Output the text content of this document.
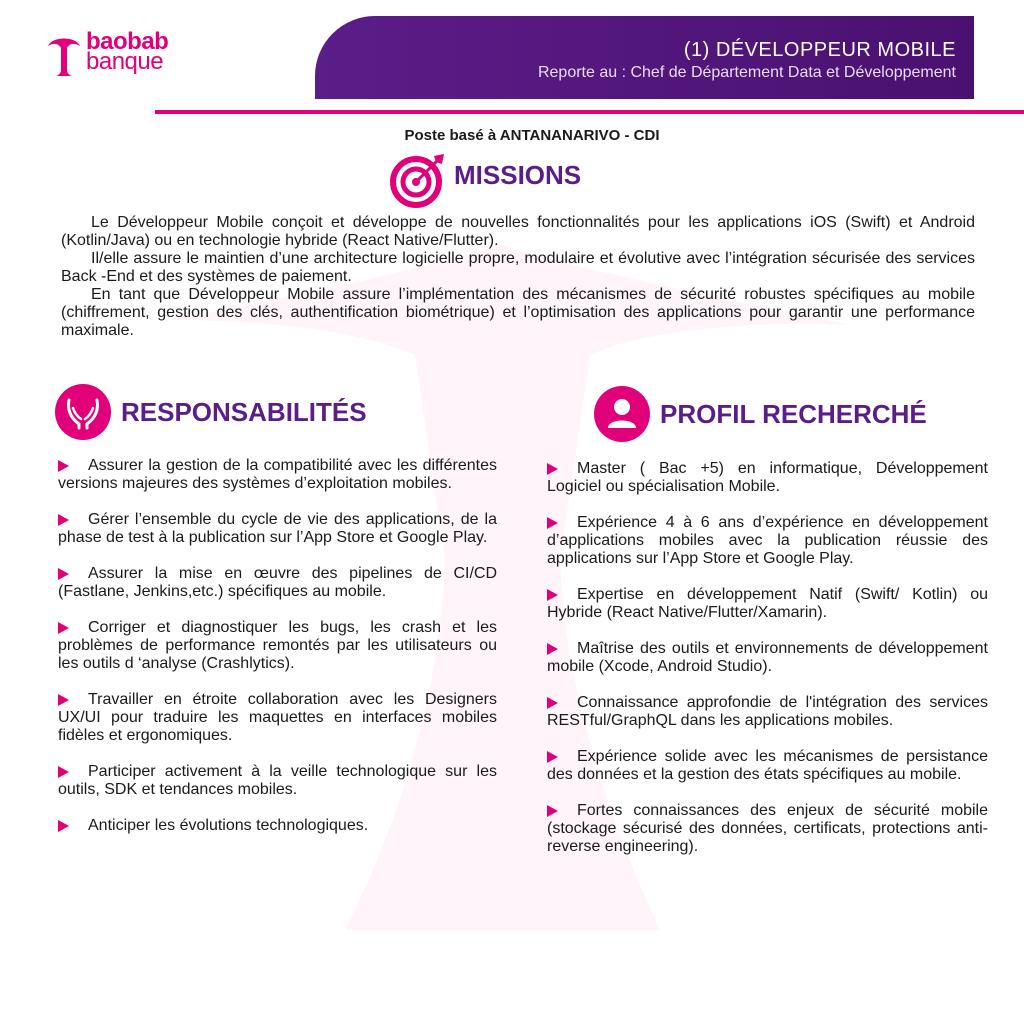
baobab
banque	(1) DÉVELOPPEUR MOBILE
Reporte au : Chef de Département Data et Développement
Poste basé à ANTANANARIVO - CDI
MISSIONS

Le Développeur Mobile conçoit et développe de nouvelles fonctionnalités pour les applications iOS (Swift) et Android (Kotlin/Java) ou en technologie hybride (React Native/Flutter).

Il/elle assure le maintien d’une architecture logicielle propre, modulaire et évolutive avec l’intégration sécurisée des services Back -End et des systèmes de paiement.

En tant que Développeur Mobile assure l’implémentation des mécanismes de sécurité robustes spécifiques au mobile (chiffrement, gestion des clés, authentification biométrique) et l’optimisation des applications pour garantir une performance maximale.

RESPONSABILITÉS
Assurer la gestion de la compatibilité avec les différentes versions majeures des systèmes d’exploitation mobiles.
Gérer l’ensemble du cycle de vie des applications, de la phase de test à la publication sur l’App Store et Google Play.
Assurer la mise en œuvre des pipelines de CI/CD (Fastlane, Jenkins,etc.) spécifiques au mobile.
Corriger et diagnostiquer les bugs, les crash et les problèmes de performance remontés par les utilisateurs ou les outils d ‘analyse (Crashlytics).
Travailler en étroite collaboration avec les Designers UX/UI pour traduire les maquettes en interfaces mobiles fidèles et ergonomiques.
Participer activement à la veille technologique sur les outils, SDK et tendances mobiles.
Anticiper les évolutions technologiques.
PROFIL RECHERCHÉ
Master ( Bac +5) en informatique, Développement Logiciel ou spécialisation Mobile.
Expérience 4 à 6 ans d’expérience en développement d’applications mobiles avec la publication réussie des applications sur l’App Store et Google Play.
Expertise en développement Natif (Swift/ Kotlin) ou Hybride (React Native/Flutter/Xamarin).
Maîtrise des outils et environnements de développement mobile (Xcode, Android Studio).
Connaissance approfondie de l'intégration des services RESTful/GraphQL dans les applications mobiles.
Expérience solide avec les mécanismes de persistance des données et la gestion des états spécifiques au mobile.
Fortes connaissances des enjeux de sécurité mobile (stockage sécurisé des données, certificats, protections anti-reverse engineering).
